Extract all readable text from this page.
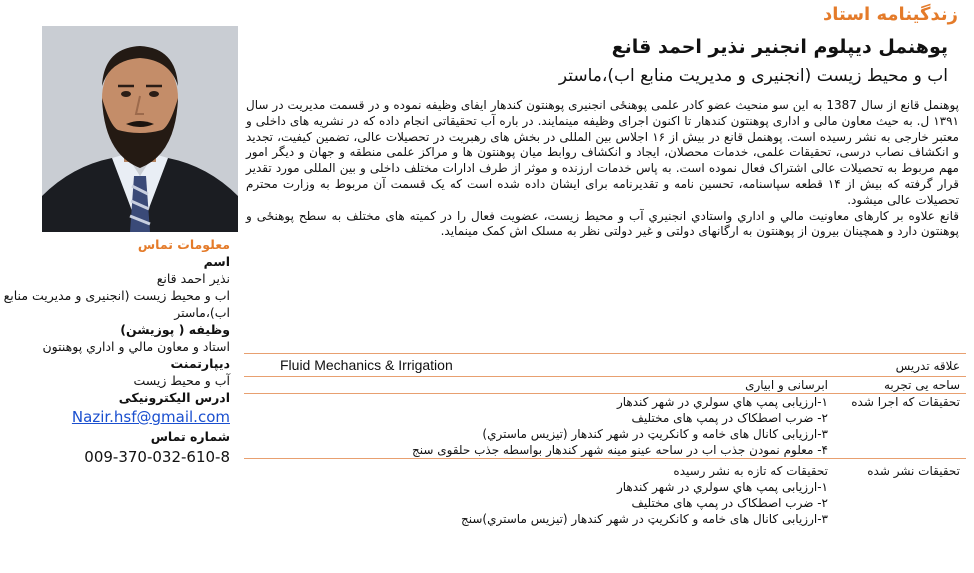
زندگینامه استاد
پوهنمل دیپلوم انجنیر نذیر احمد قانع
اب و محیط زیست (انجنیری و مدیریت منابع اب)،ماستر

پوهنمل قانع از سال 1387 به این سو منحیث عضو کادر علمی پوهنځی انجنیری پوهنتون کندهار ایفای وظیفه نموده و در قسمت مدیریت در سال ۱۳۹۱ ل. به حیث معاون مالی و اداری پوهنتون کندهار تا اکنون اجرای وظیفه مینمایند. در باره آب تحقیقاتی انجام داده که در نشریه های داخلی و معتبر خارجی به نشر رسیده است. پوهنمل قانع در بیش از ۱۶ اجلاس بین المللی در بخش های رهبریت در تحصیلات عالی، تضمین کیفیت، تجدید و انکشاف نصاب درسی، تحقیقات علمی، خدمات محصلان، ایجاد و انکشاف روابط میان پوهنتون ها و مراکز علمی منطقه و جهان و دیگر امور مهم مربوط به تحصیلات عالی اشتراک فعال نموده است. به پاس خدمات ارزنده و موثر از طرف ادارات مختلف داخلی و بین المللی مورد تقدیر قرار گرفته که بیش از ۱۴ قطعه سپاسنامه، تحسین نامه و تقدیرنامه برای ایشان داده شده است که یک قسمت آن مربوط به وزارت محترم تحصیلات عالی میشود.

قانع علاوه بر کارهای معاونیت مالي و اداري واستادي انجنيري آب و محیط زیست، عضویت فعال را در کمیته های مختلف به سطح پوهنځی و پوهنتون دارد و همچینان بیرون از پوهنتون به ارگانهای دولتی و غیر دولتی نظر به مسلک اش کمک مینماید.

معلومات تماس
اسم
نذیر احمد قانع
اب و محیط زیست (انجنیری و مدیریت منابع اب)،ماستر
وظیفه ( پوزیشن)
استاد و معاون مالي و اداري پوهنتون
دیپارتمنت
آب و محیط زیست
ادرس الیکترونیکی
Nazir.hsf@gmail.com
شماره تماس
009-370-032-610-8
علاقه تدریس	Fluid Mechanics & Irrigation

ساحه یی تجربه	ابرسانی و ابیاری

تحقیقات که اجرا شده	۱-ارزیابی پمپ هاي سولري در شهر کندهار
۲- ضرب اصطکاک در پمپ های مختلیف
۳-ارزیابی کانال های خامه و کانکریټ در شهر کندهار (تیزیس ماستري)
۴- معلوم نمودن جذب اب در ساحه عینو مینه شهر کندهار بواسطه جذب حلقوی سنج

تحقیقات نشر شده	تحقیقات که تازه به نشر رسیده
۱-ارزیابی پمپ هاي سولري در شهر کندهار
۲- ضرب اصطکاک در پمپ های مختلیف
۳-ارزیابی کانال های خامه و کانکریټ در شهر کندهار (تیزیس ماستري)سنج
